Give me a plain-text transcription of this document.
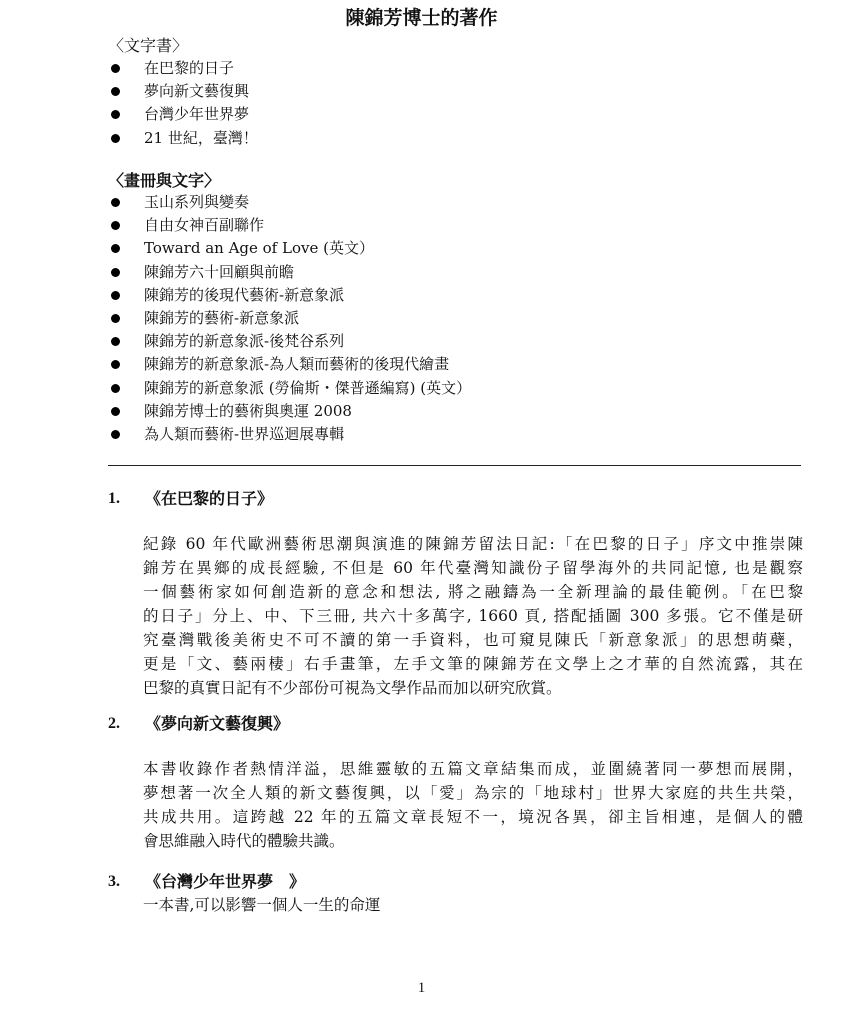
陳錦芳博士的著作
〈文字書〉
在巴黎的日子
夢向新文藝復興
台灣少年世界夢
21 世紀，臺灣！
〈畫冊與文字〉
玉山系列與變奏
自由女神百副聯作
Toward an Age of Love (英文）
陳錦芳六十回顧與前瞻
陳錦芳的後現代藝術-新意象派
陳錦芳的藝術-新意象派
陳錦芳的新意象派-後梵谷系列
陳錦芳的新意象派-為人類而藝術的後現代繪畫
陳錦芳的新意象派 (勞倫斯・傑普遜編寫) (英文）
陳錦芳博士的藝術與奧運 2008
為人類而藝術-世界巡迴展專輯
1. 《在巴黎的日子》
紀錄 60 年代歐洲藝術思潮與演進的陳錦芳留法日記:「在巴黎的日子」序文中推崇陳
錦芳在異鄉的成長經驗, 不但是 60 年代臺灣知識份子留學海外的共同記憶, 也是觀察
一個藝術家如何創造新的意念和想法, 將之融鑄為一全新理論的最佳範例。「在巴黎
的日子」分上、中、下三冊, 共六十多萬字, 1660 頁, 搭配插圖 300 多張。它不僅是研
究臺灣戰後美術史不可不讀的第一手資料，也可窺見陳氏「新意象派」的思想萌蘗，
更是「文、藝兩棲」右手畫筆，左手文筆的陳錦芳在文學上之才華的自然流露，其在
巴黎的真實日記有不少部份可視為文學作品而加以研究欣賞。
2. 《夢向新文藝復興》
本書收錄作者熱情洋溢，思維靈敏的五篇文章結集而成，並圍繞著同一夢想而展開，
夢想著一次全人類的新文藝復興，以「愛」為宗的「地球村」世界大家庭的共生共榮，
共成共用。這跨越 22 年的五篇文章長短不一，境況各異，卻主旨相連，是個人的體
會思維融入時代的體驗共識。
3. 《台灣少年世界夢　》
一本書,可以影響一個人一生的命運
1
